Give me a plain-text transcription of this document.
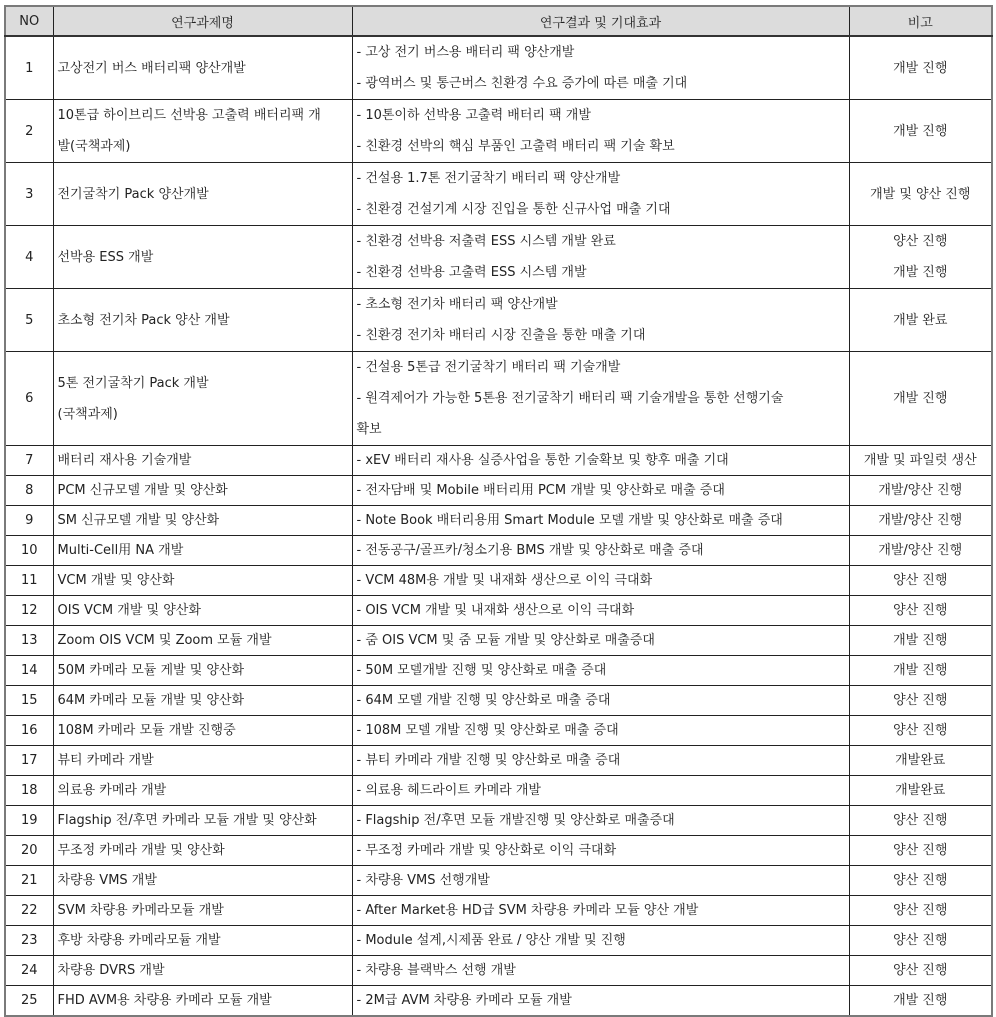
NO	연구과제명	연구결과 및 기대효과	비고
1	고상전기 버스 배터리팩 양산개발	- 고상 전기 버스용 배터리 팩 양산개발
- 광역버스 및 통근버스 친환경 수요 증가에 따른 매출 기대	개발 진행

2	10톤급 하이브리드 선박용 고출력 배터리팩 개
발(국책과제)	- 10톤이하 선박용 고출력 배터리 팩 개발
- 친환경 선박의 핵심 부품인 고출력 배터리 팩 기술 확보	개발 진행

3	전기굴착기 Pack 양산개발	- 건설용 1.7톤 전기굴착기 배터리 팩 양산개발
- 친환경 건설기계 시장 진입을 통한 신규사업 매출 기대	개발 및 양산 진행

4	선박용 ESS 개발	- 친환경 선박용 저출력 ESS 시스템 개발 완료
- 친환경 선박용 고출력 ESS 시스템 개발	양산 진행
개발 진행

5	초소형 전기차 Pack 양산 개발	- 초소형 전기차 배터리 팩 양산개발
- 친환경 전기차 배터리 시장 진출을 통한 매출 기대	개발 완료

6	5톤 전기굴착기 Pack 개발
(국책과제)	- 건설용 5톤급 전기굴착기 배터리 팩 기술개발
- 원격제어가 가능한 5톤용 전기굴착기 배터리 팩 기술개발을 통한 선행기술
확보	개발 진행

7	배터리 재사용 기술개발	- xEV 배터리 재사용 실증사업을 통한 기술확보 및 향후 매출 기대	개발 및 파일럿 생산

8	PCM 신규모델 개발 및 양산화	- 전자담배 및 Mobile 배터리用 PCM 개발 및 양산화로 매출 증대	개발/양산 진행

9	SM 신규모델 개발 및 양산화	- Note Book 배터리용用 Smart Module 모델 개발 및 양산화로 매출 증대	개발/양산 진행

10	Multi-Cell用 NA 개발	- 전동공구/골프카/청소기용 BMS 개발 및 양산화로 매출 증대	개발/양산 진행

11	VCM 개발 및 양산화	- VCM 48M용 개발 및 내재화 생산으로 이익 극대화	양산 진행

12	OIS VCM 개발 및 양산화	- OIS VCM 개발 및 내재화 생산으로 이익 극대화	양산 진행

13	Zoom OIS VCM 및 Zoom 모듈 개발	- 줌 OIS VCM 및 줌 모듈 개발 및 양산화로 매출증대	개발 진행

14	50M 카메라 모듈 게발 및 양산화	- 50M 모델개발 진행 및 양산화로 매출 증대	개발 진행

15	64M 카메라 모듈 개발 및 양산화	- 64M 모델 개발 진행 및 양산화로 매출 증대	양산 진행

16	108M 카메라 모듈 개발 진행중	- 108M 모델 개발 진행 및 양산화로 매출 증대	양산 진행

17	뷰티 카메라 개발	- 뷰티 카메라 개발 진행 및 양산화로 매출 증대	개발완료

18	의료용 카메라 개발	- 의료용 헤드라이트 카메라 개발	개발완료

19	Flagship 전/후면 카메라 모듈 개발 및 양산화	- Flagship 전/후면 모듈 개발진행 및 양산화로 매출증대	양산 진행

20	무조정 카메라 개발 및 양산화	- 무조정 카메라 개발 및 양산화로 이익 극대화	양산 진행

21	차량용 VMS 개발	- 차량용 VMS 선행개발	양산 진행

22	SVM 차량용 카메라모듈 개발	- After Market용 HD급 SVM 차량용 카메라 모듈 양산 개발	양산 진행

23	후방 차량용 카메라모듈 개발	- Module 설계,시제품 완료 / 양산 개발 및 진행	양산 진행

24	차량용 DVRS 개발	- 차량용 블랙박스 선행 개발	양산 진행

25	FHD AVM용 차량용 카메라 모듈 개발	- 2M급 AVM 차량용 카메라 모듈 개발	개발 진행
